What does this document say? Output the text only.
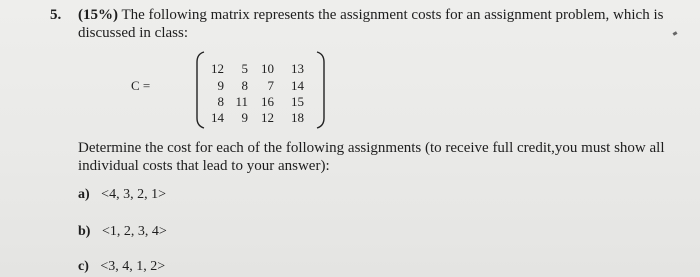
5. (15%) The following matrix represents the assignment costs for an assignment problem, which is
discussed in class:
C =
12	5	10	13
9	8	7	14
8 11	16	15
14	9	12	18
Determine the cost for each of the following assignments (to receive full credit,you must show all
individual costs that lead to your answer):
a) <4, 3, 2, 1>
b) <1, 2, 3, 4>
c) <3, 4, 1, 2>
